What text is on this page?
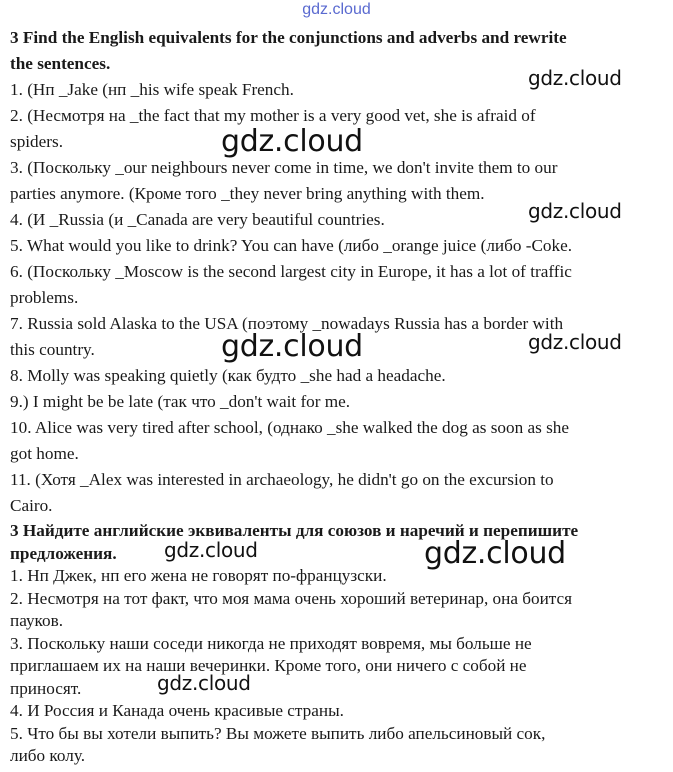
gdz.cloud
3 Find the English equivalents for the conjunctions and adverbs and rewrite
the sentences.
1. (Нп _Jake (нп _his wife speak French.
2. (Несмотря на _the fact that my mother is a very good vet, she is afraid of
spiders.
3. (Поскольку _our neighbours never come in time, we don't invite them to our
parties anymore. (Кроме того _they never bring anything with them.
4. (И _Russia (и _Canada are very beautiful countries.
5. What would you like to drink? You can have (либо _orange juice (либо -Coke.
6. (Поскольку _Moscow is the second largest city in Europe, it has a lot of traffic
problems.
7. Russia sold Alaska to the USA (поэтому _nowadays Russia has a border with
this country.
8. Molly was speaking quietly (как будто _she had a headache.
9.) I might be be late (так что _don't wait for me.
10. Alice was very tired after school, (однако _she walked the dog as soon as she
got home.
11. (Хотя _Alex was interested in archaeology, he didn't go on the excursion to
Cairo.
3 Найдите английские эквиваленты для союзов и наречий и перепишите
предложения.
1. Нп Джек, нп его жена не говорят по-французски.
2. Несмотря на тот факт, что моя мама очень хороший ветеринар, она боится
пауков.
3. Поскольку наши соседи никогда не приходят вовремя, мы больше не
приглашаем их на наши вечеринки. Кроме того, они ничего с собой не
приносят.
4. И Россия и Канада очень красивые страны.
5. Что бы вы хотели выпить? Вы можете выпить либо апельсиновый сок,
либо колу.
gdz.cloud
gdz.cloud
gdz.cloud
gdz.cloud	gdz.cloud
gdz.cloud	gdz.cloud
gdz.cloud
